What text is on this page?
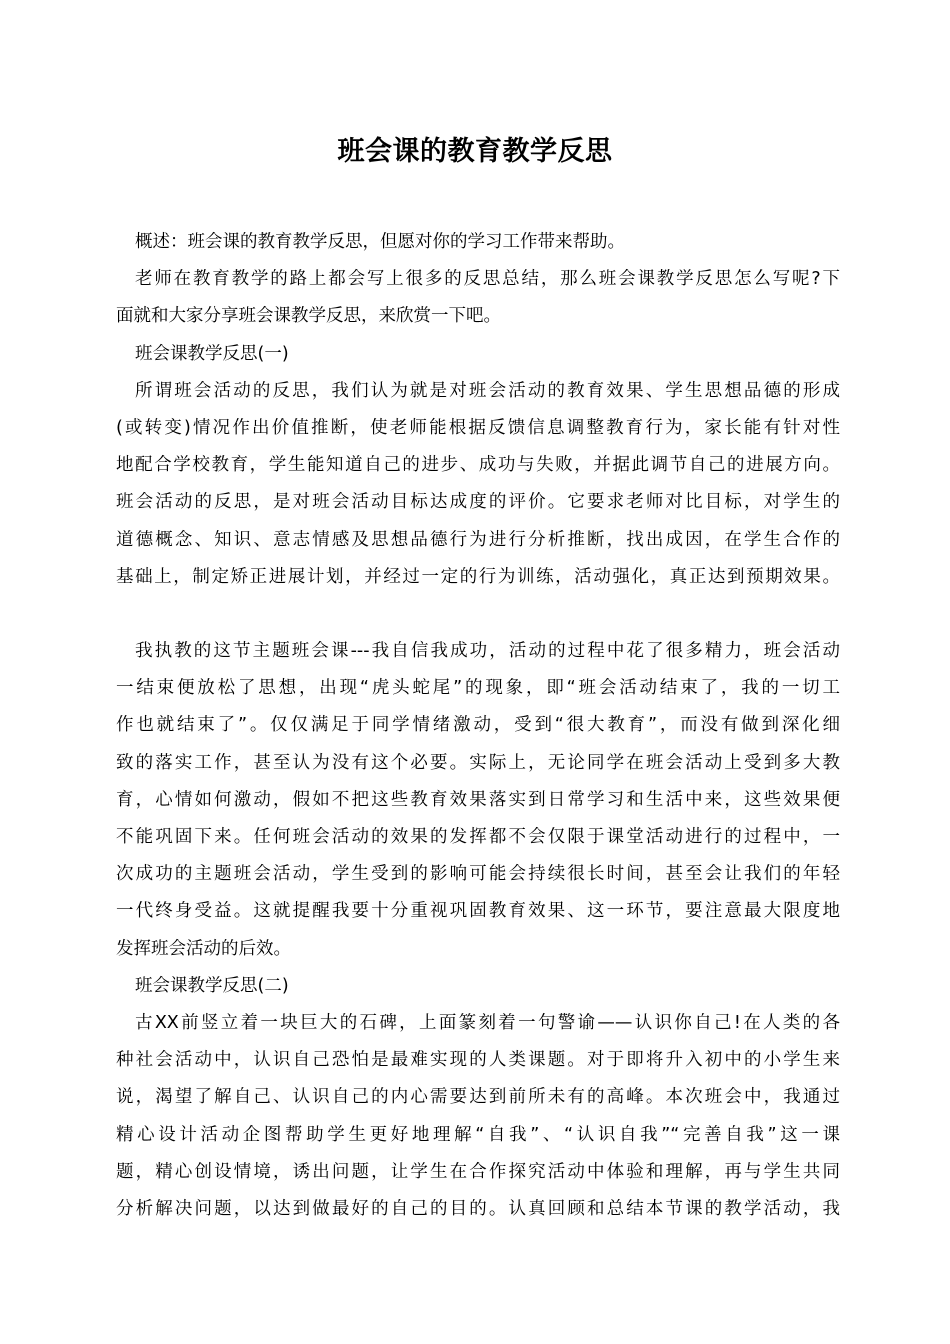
班会课的教育教学反思
概述：班会课的教育教学反思，但愿对你的学习工作带来帮助。
老师在教育教学的路上都会写上很多的反思总结，那么班会课教学反思怎么写呢?下
面就和大家分享班会课教学反思，来欣赏一下吧。
班会课教学反思(一)
所谓班会活动的反思，我们认为就是对班会活动的教育效果、学生思想品德的形成
(或转变)情况作出价值推断，使老师能根据反馈信息调整教育行为，家长能有针对性
地配合学校教育，学生能知道自己的进步、成功与失败，并据此调节自己的进展方向。
班会活动的反思，是对班会活动目标达成度的评价。它要求老师对比目标，对学生的
道德概念、知识、意志情感及思想品德行为进行分析推断，找出成因，在学生合作的
基础上，制定矫正进展计划，并经过一定的行为训练，活动强化，真正达到预期效果。
我执教的这节主题班会课---我自信我成功，活动的过程中花了很多精力，班会活动
一结束便放松了思想，出现“虎头蛇尾”的现象，即“班会活动结束了，我的一切工
作也就结束了”。仅仅满足于同学情绪激动，受到“很大教育”，而没有做到深化细
致的落实工作，甚至认为没有这个必要。实际上，无论同学在班会活动上受到多大教
育，心情如何激动，假如不把这些教育效果落实到日常学习和生活中来，这些效果便
不能巩固下来。任何班会活动的效果的发挥都不会仅限于课堂活动进行的过程中，一
次成功的主题班会活动，学生受到的影响可能会持续很长时间，甚至会让我们的年轻
一代终身受益。这就提醒我要十分重视巩固教育效果、这一环节，要注意最大限度地
发挥班会活动的后效。
班会课教学反思(二)
古XX前竖立着一块巨大的石碑，上面篆刻着一句警谕——认识你自己!在人类的各
种社会活动中，认识自己恐怕是最难实现的人类课题。对于即将升入初中的小学生来
说，渴望了解自己、认识自己的内心需要达到前所未有的高峰。本次班会中，我通过
精心设计活动企图帮助学生更好地理解“自我”、“认识自我”“完善自我”这一课
题，精心创设情境，诱出问题，让学生在合作探究活动中体验和理解，再与学生共同
分析解决问题，以达到做最好的自己的目的。认真回顾和总结本节课的教学活动，我
